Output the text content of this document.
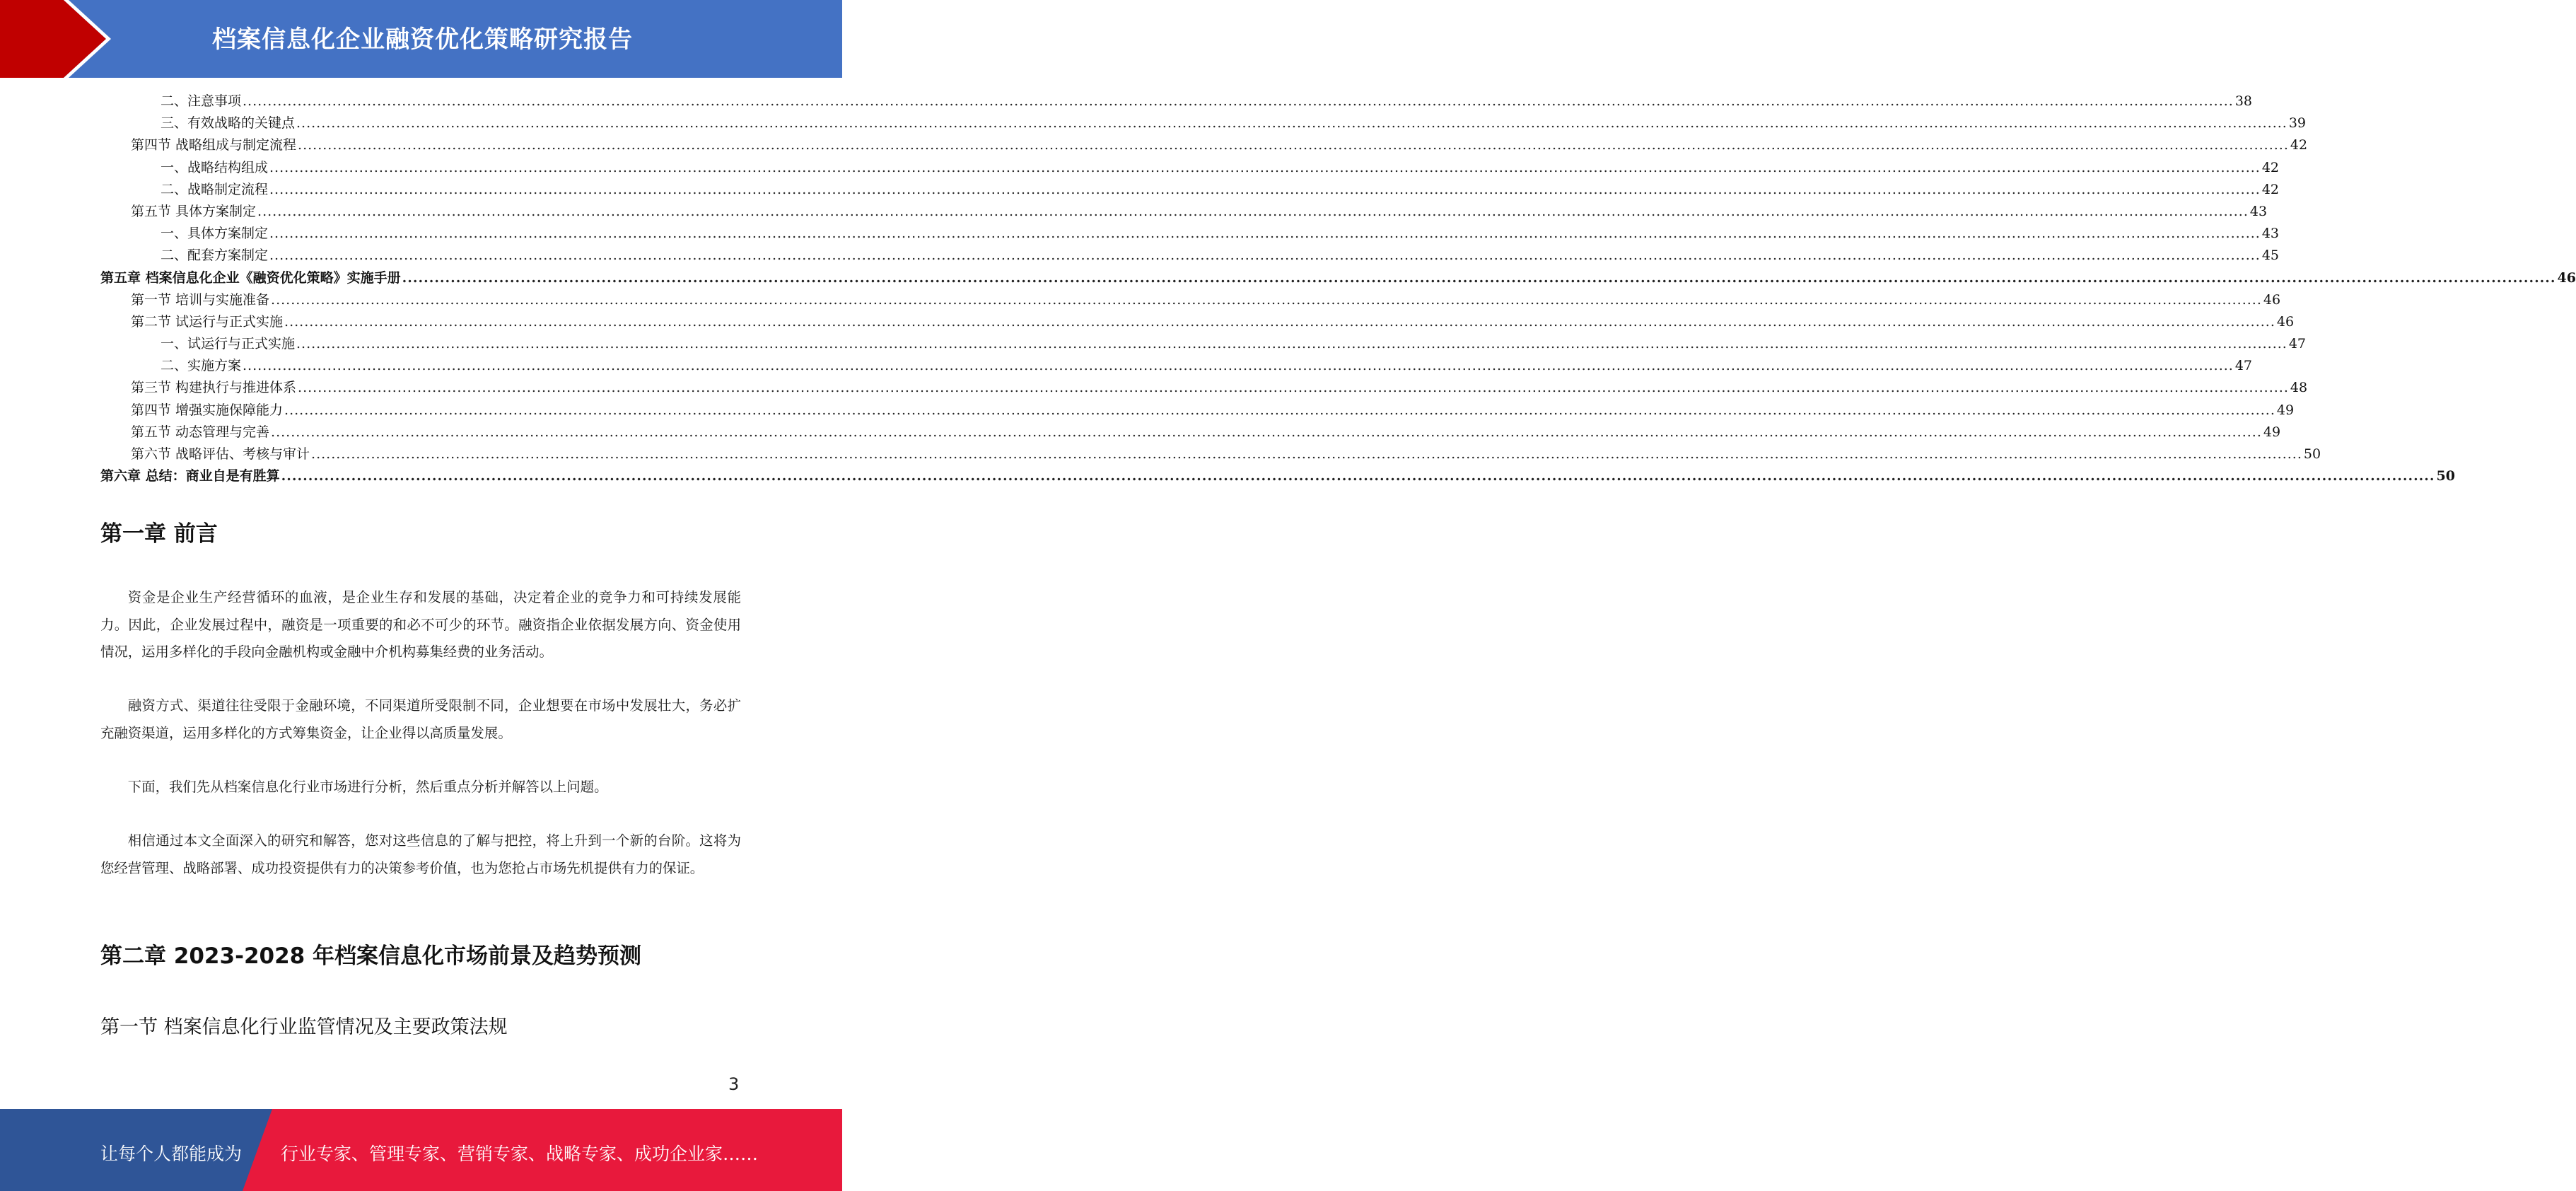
档案信息化企业融资优化策略研究报告
二、注意事项 ................................................................................................................................................................................................................................................................................................................................................................................................................ 38
三、有效战略的关键点 ................................................................................................................................................................................................................................................................................................................................................................................................................ 39
第四节 战略组成与制定流程 ................................................................................................................................................................................................................................................................................................................................................................................................................ 42
一、战略结构组成 ................................................................................................................................................................................................................................................................................................................................................................................................................ 42
二、战略制定流程 ................................................................................................................................................................................................................................................................................................................................................................................................................ 42
第五节 具体方案制定 ................................................................................................................................................................................................................................................................................................................................................................................................................ 43
一、具体方案制定 ................................................................................................................................................................................................................................................................................................................................................................................................................ 43
二、配套方案制定 ................................................................................................................................................................................................................................................................................................................................................................................................................ 45
第五章 档案信息化企业《融资优化策略》实施手册 ................................................................................................................................................................................................................................................................................................................................................................................................................ 46
第一节 培训与实施准备 ................................................................................................................................................................................................................................................................................................................................................................................................................ 46
第二节 试运行与正式实施 ................................................................................................................................................................................................................................................................................................................................................................................................................ 46
一、试运行与正式实施 ................................................................................................................................................................................................................................................................................................................................................................................................................ 47
二、实施方案 ................................................................................................................................................................................................................................................................................................................................................................................................................ 47
第三节 构建执行与推进体系 ................................................................................................................................................................................................................................................................................................................................................................................................................ 48
第四节 增强实施保障能力 ................................................................................................................................................................................................................................................................................................................................................................................................................ 49
第五节 动态管理与完善 ................................................................................................................................................................................................................................................................................................................................................................................................................ 49
第六节 战略评估、考核与审计 ................................................................................................................................................................................................................................................................................................................................................................................................................ 50
第六章 总结：商业自是有胜算 ................................................................................................................................................................................................................................................................................................................................................................................................................ 50
第一章 前言

资金是企业生产经营循环的血液，是企业生存和发展的基础，决定着企业的竞争力和可持续发展能力。因此，企业发展过程中，融资是一项重要的和必不可少的环节。融资指企业依据发展方向、资金使用情况，运用多样化的手段向金融机构或金融中介机构募集经费的业务活动。

融资方式、渠道往往受限于金融环境，不同渠道所受限制不同，企业想要在市场中发展壮大，务必扩充融资渠道，运用多样化的方式筹集资金，让企业得以高质量发展。

下面，我们先从档案信息化行业市场进行分析，然后重点分析并解答以上问题。

相信通过本文全面深入的研究和解答，您对这些信息的了解与把控，将上升到一个新的台阶。这将为您经营管理、战略部署、成功投资提供有力的决策参考价值，也为您抢占市场先机提供有力的保证。

第二章 2023-2028 年档案信息化市场前景及趋势预测
第一节 档案信息化行业监管情况及主要政策法规
3
让每个人都能成为 行业专家、管理专家、营销专家、战略专家、成功企业家……
